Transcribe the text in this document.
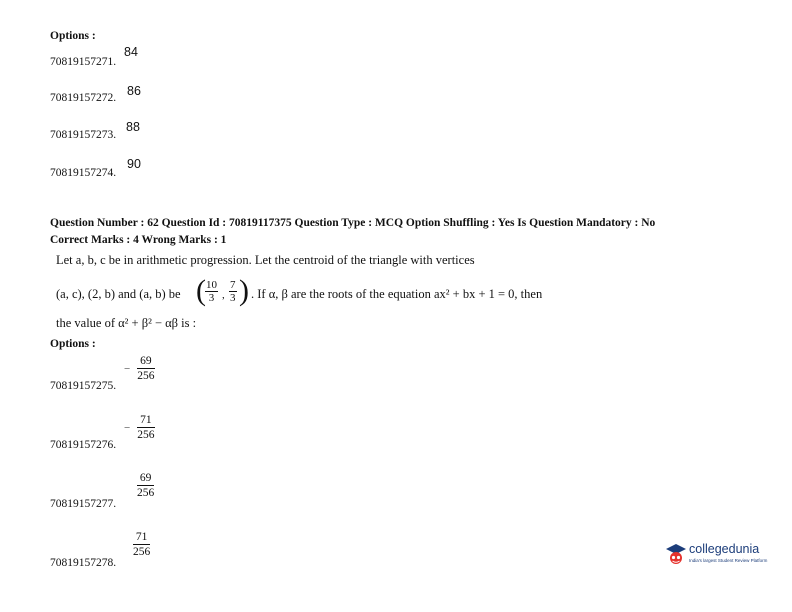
Options :
70819157271.
84
70819157272. 86
70819157273.
88
70819157274.
90
Question Number : 62 Question Id : 70819117375 Question Type : MCQ Option Shuffling : Yes Is Question Mandatory : No
Correct Marks : 4 Wrong Marks : 1
Let a, b, c be in arithmetic progression. Let the centroid of the triangle with vertices
(a, c), (2, b) and (a, b) be ( $\frac{10}{3}$ , $\frac{7}{3}$ ) . If α, β are the roots of the equation ax² + bx + 1 = 0, then
the value of α² + β² − αβ is :
Options :
70819157275.
− $\frac{69}{256}$
70819157276.
− $\frac{71}{256}$
70819157277.
$\frac{69}{256}$
70819157278.
$\frac{71}{256}$	collegedunia
India's largest Student Review Platform
